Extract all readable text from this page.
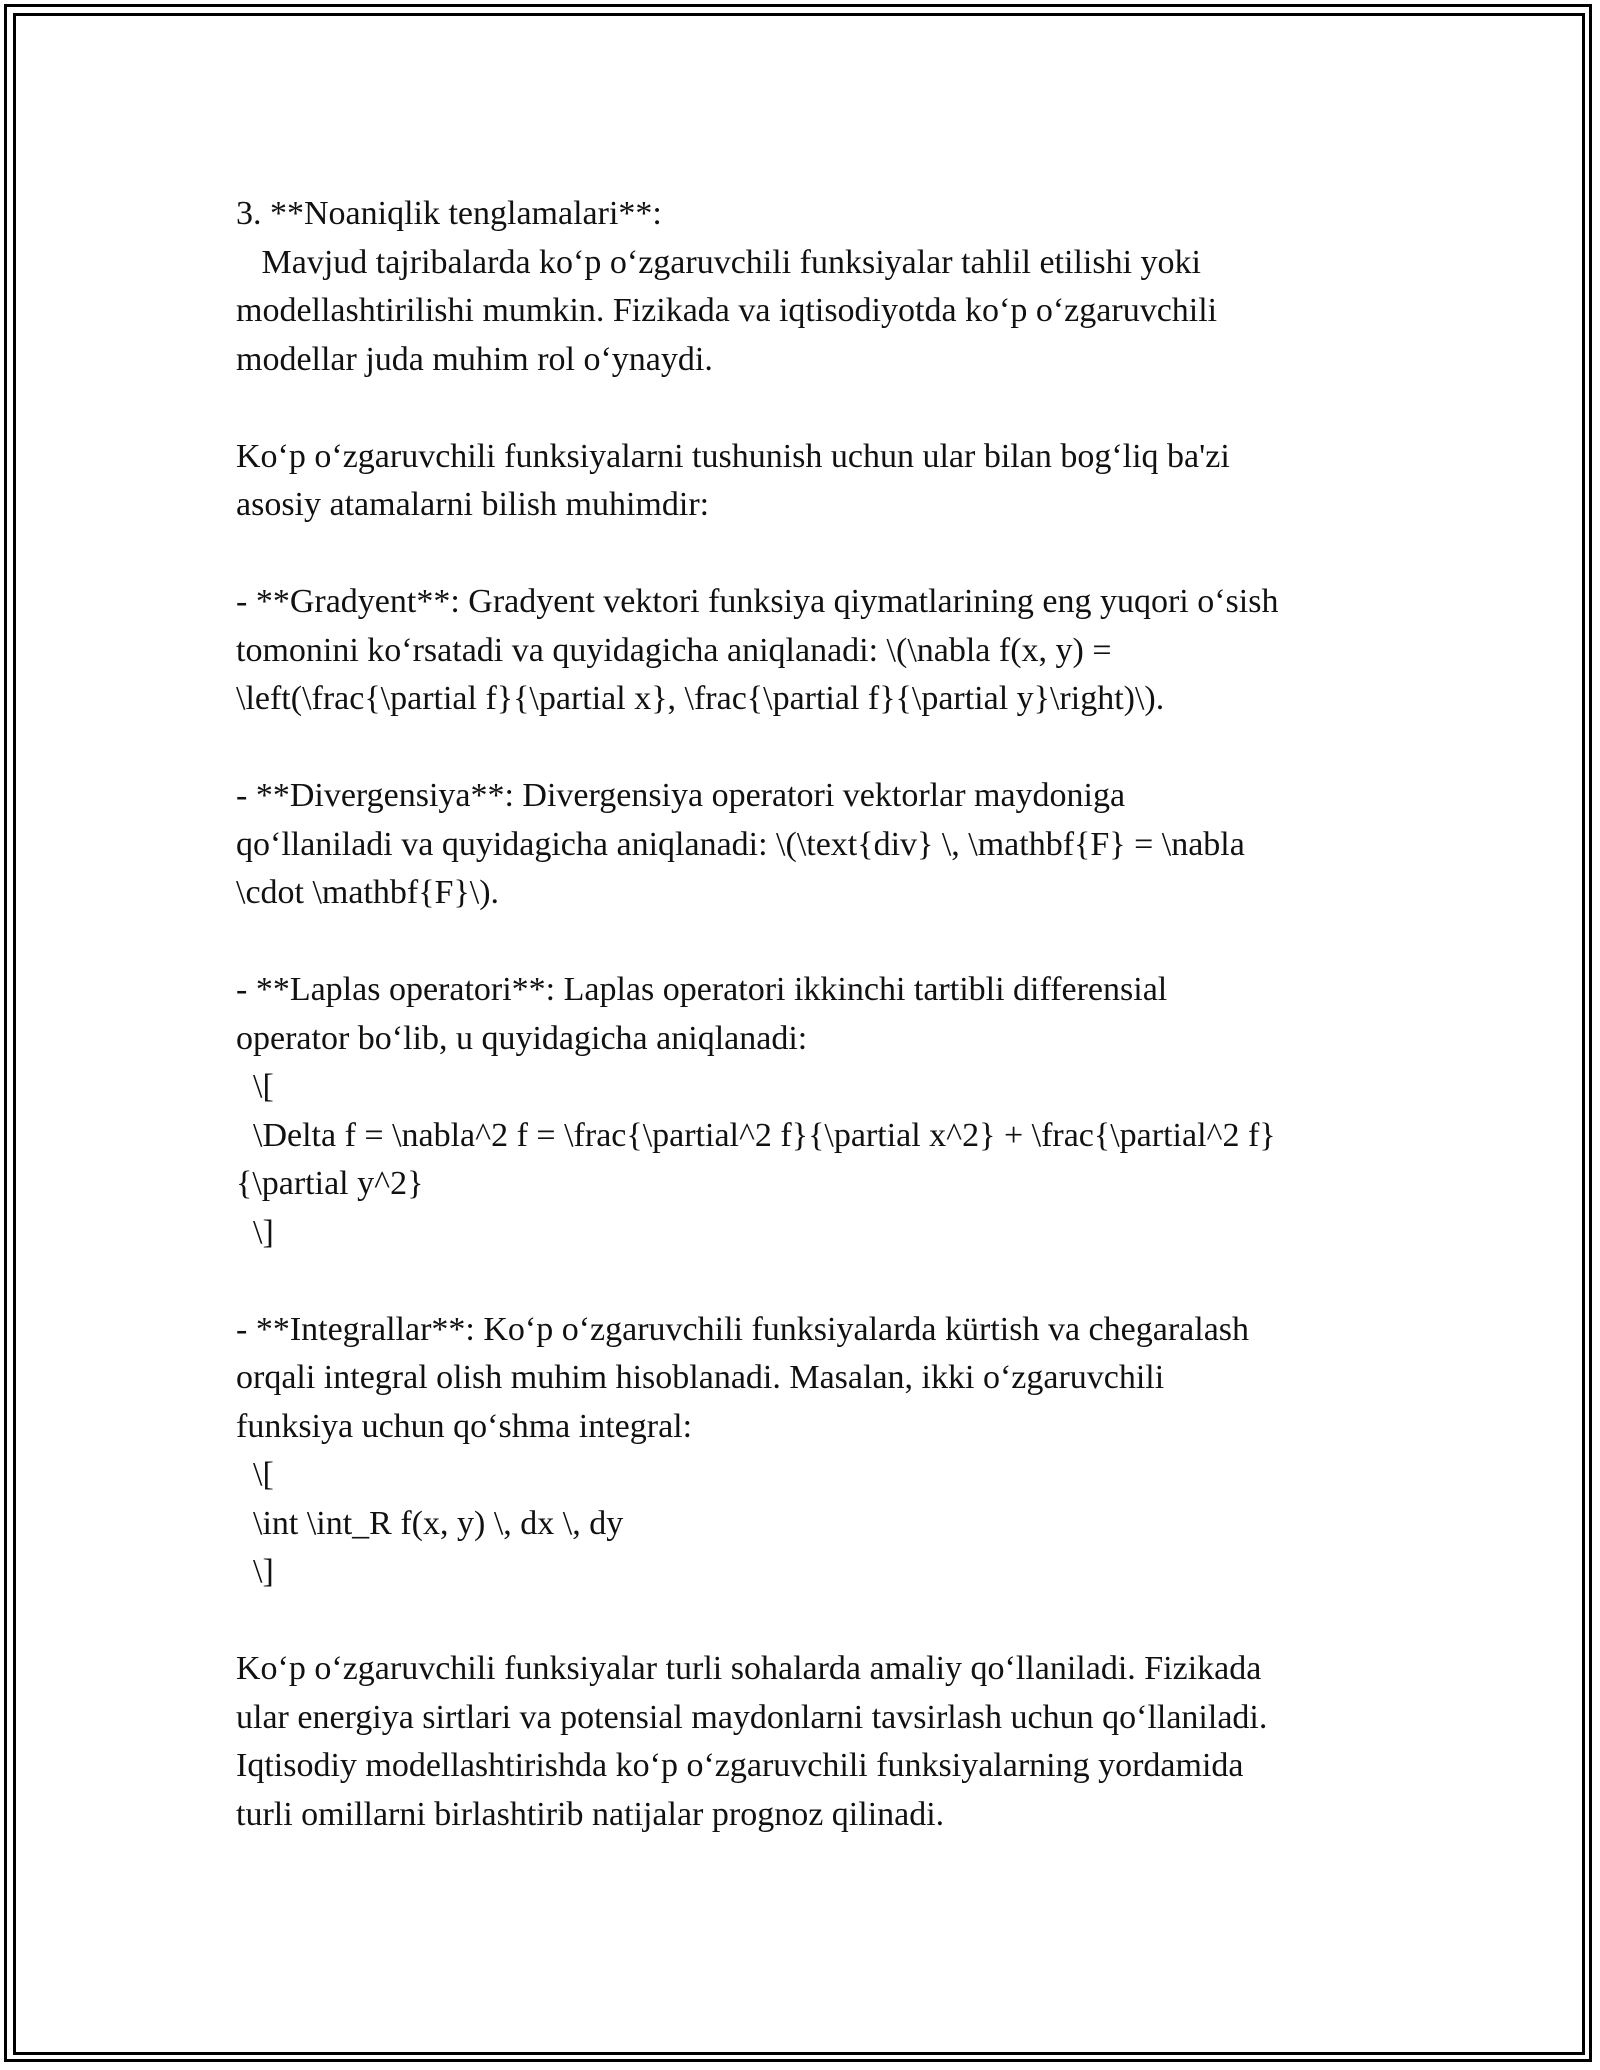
3. **Noaniqlik tenglamalari**:
Mavjud tajribalarda ko‘p o‘zgaruvchili funksiyalar tahlil etilishi yoki
modellashtirilishi mumkin. Fizikada va iqtisodiyotda ko‘p o‘zgaruvchili
modellar juda muhim rol o‘ynaydi.
Ko‘p o‘zgaruvchili funksiyalarni tushunish uchun ular bilan bog‘liq ba'zi
asosiy atamalarni bilish muhimdir:
- **Gradyent**: Gradyent vektori funksiya qiymatlarining eng yuqori o‘sish
tomonini ko‘rsatadi va quyidagicha aniqlanadi: \(\nabla f(x, y) =
\left(\frac{\partial f}{\partial x}, \frac{\partial f}{\partial y}\right)\).
- **Divergensiya**: Divergensiya operatori vektorlar maydoniga
qo‘llaniladi va quyidagicha aniqlanadi: \(\text{div} \, \mathbf{F} = \nabla
\cdot \mathbf{F}\).
- **Laplas operatori**: Laplas operatori ikkinchi tartibli differensial
operator bo‘lib, u quyidagicha aniqlanadi:
\[
\Delta f = \nabla^2 f = \frac{\partial^2 f}{\partial x^2} + \frac{\partial^2 f}
{\partial y^2}
\]
- **Integrallar**: Ko‘p o‘zgaruvchili funksiyalarda kürtish va chegaralash
orqali integral olish muhim hisoblanadi. Masalan, ikki o‘zgaruvchili
funksiya uchun qo‘shma integral:
\[
\int \int_R f(x, y) \, dx \, dy
\]
Ko‘p o‘zgaruvchili funksiyalar turli sohalarda amaliy qo‘llaniladi. Fizikada
ular energiya sirtlari va potensial maydonlarni tavsirlash uchun qo‘llaniladi.
Iqtisodiy modellashtirishda ko‘p o‘zgaruvchili funksiyalarning yordamida
turli omillarni birlashtirib natijalar prognoz qilinadi.
